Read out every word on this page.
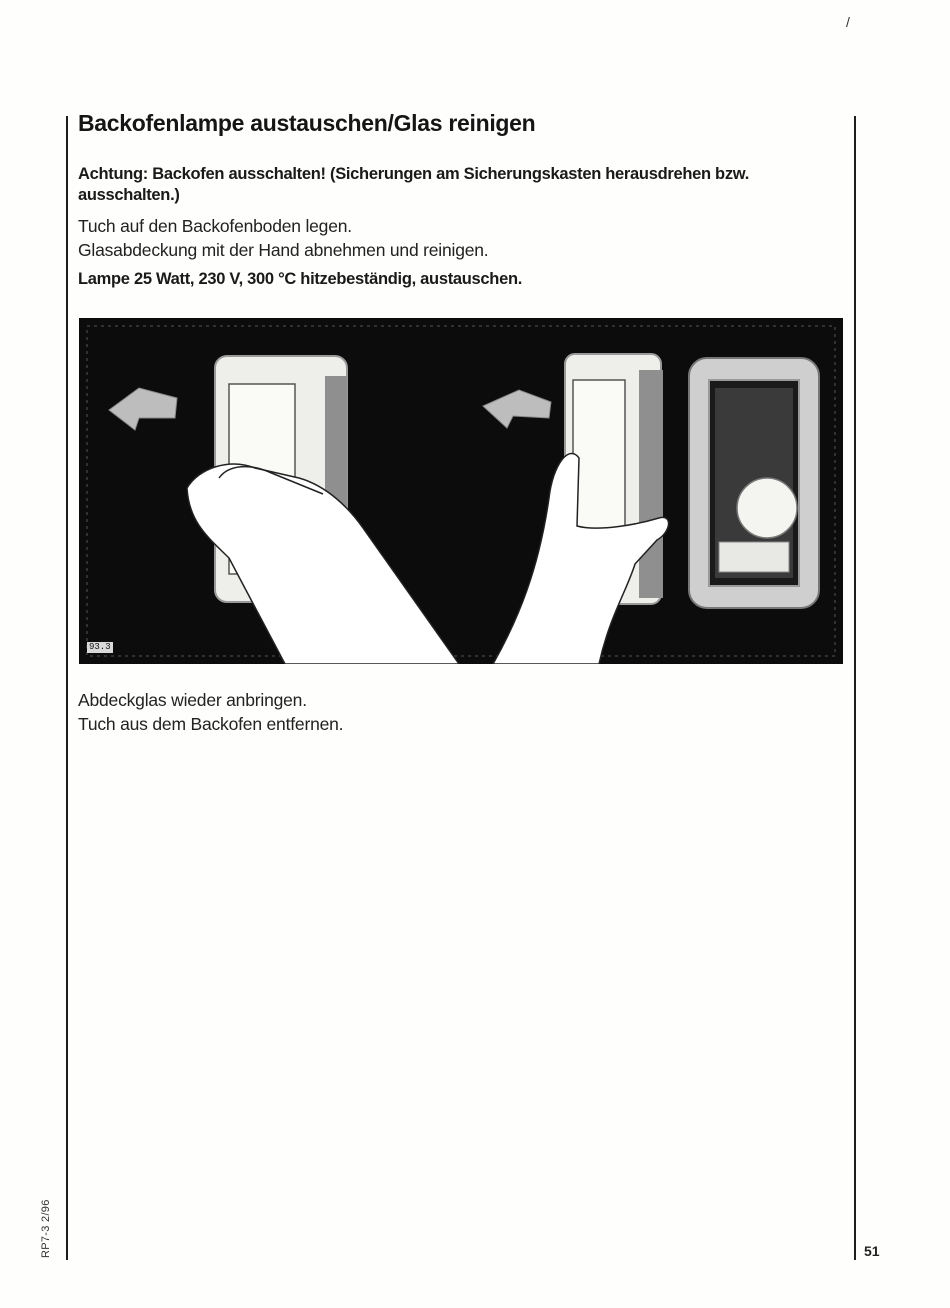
/
Backofenlampe austauschen/Glas reinigen

Achtung: Backofen ausschalten! (Sicherungen am Sicherungskasten herausdrehen bzw. ausschalten.)

Tuch auf den Backofenboden legen.

Glasabdeckung mit der Hand abnehmen und reinigen.

Lampe 25 Watt, 230 V, 300 °C hitzebeständig, austauschen.

93.3

Abdeckglas wieder anbringen.

Tuch aus dem Backofen entfernen.

RP7-3 2/96	51
